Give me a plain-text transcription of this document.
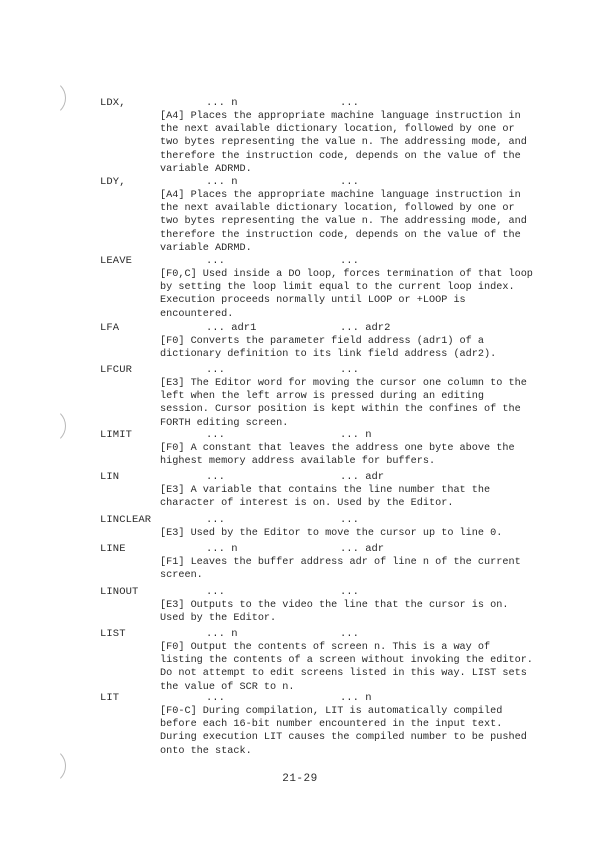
LDX,	... n	...
[A4] Places the appropriate machine language instruction in
the next available dictionary location, followed by one or
two bytes representing the value n. The addressing mode, and
therefore the instruction code, depends on the value of the
variable ADRMD.
LDY,	... n	...
[A4] Places the appropriate machine language instruction in
the next available dictionary location, followed by one or
two bytes representing the value n. The addressing mode, and
therefore the instruction code, depends on the value of the
variable ADRMD.
LEAVE	...	...
[F0,C] Used inside a DO loop, forces termination of that loop
by setting the loop limit equal to the current loop index.
Execution proceeds normally until LOOP or +LOOP is
encountered.
LFA	... adr1	... adr2
[F0] Converts the parameter field address (adr1) of a
dictionary definition to its link field address (adr2).
LFCUR	...	...
[E3] The Editor word for moving the cursor one column to the
left when the left arrow is pressed during an editing
session. Cursor position is kept within the confines of the
FORTH editing screen.
LIMIT	...	... n
[F0] A constant that leaves the address one byte above the
highest memory address available for buffers.
LIN	...	... adr
[E3] A variable that contains the line number that the
character of interest is on. Used by the Editor.
LINCLEAR	...	...
[E3] Used by the Editor to move the cursor up to line 0.
LINE	... n	... adr
[F1] Leaves the buffer address adr of line n of the current
screen.
LINOUT	...	...
[E3] Outputs to the video the line that the cursor is on.
Used by the Editor.
LIST	... n	...
[F0] Output the contents of screen n. This is a way of
listing the contents of a screen without invoking the editor.
Do not attempt to edit screens listed in this way. LIST sets
the value of SCR to n.
LIT	...	... n
[F0-C] During compilation, LIT is automatically compiled
before each 16-bit number encountered in the input text.
During execution LIT causes the compiled number to be pushed
onto the stack.
21-29
